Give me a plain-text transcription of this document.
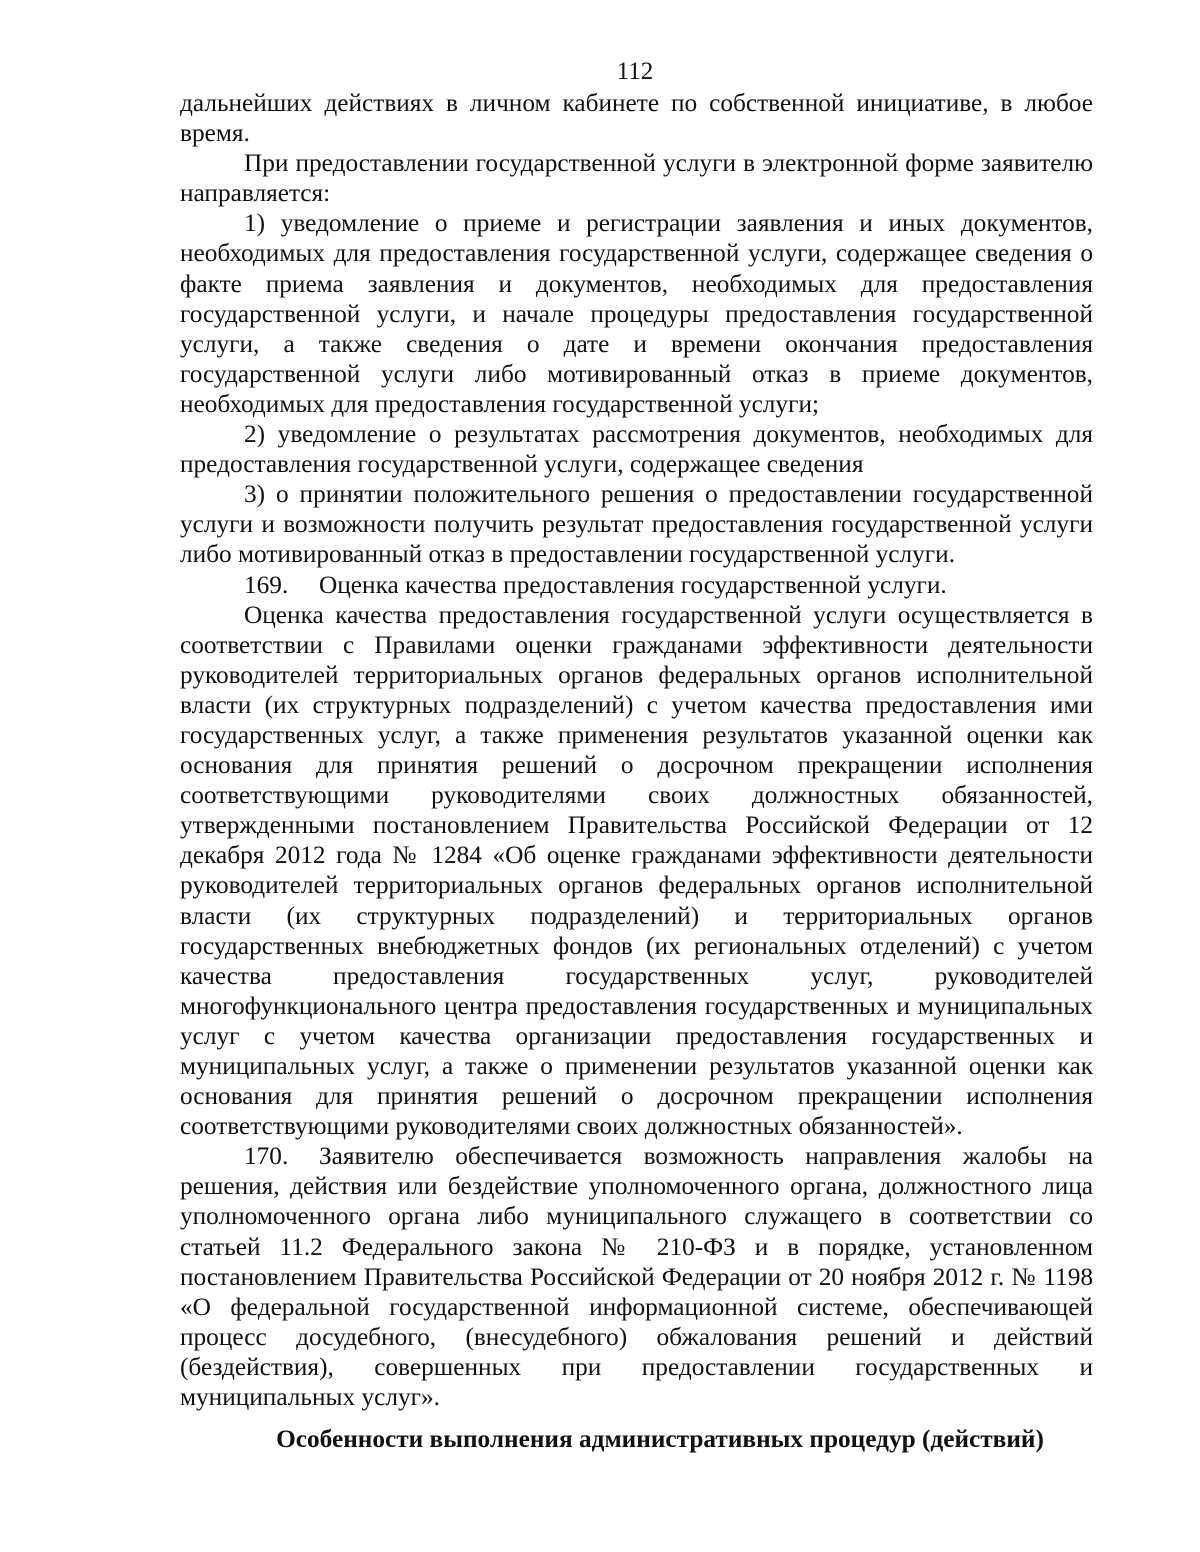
112

дальнейших действиях в личном кабинете по собственной инициативе, в любое время.

При предоставлении государственной услуги в электронной форме заявителю направляется:

1) уведомление о приеме и регистрации заявления и иных документов, необходимых для предоставления государственной услуги, содержащее сведения о факте приема заявления и документов, необходимых для предоставления государственной услуги, и начале процедуры предоставления государственной услуги, а также сведения о дате и времени окончания предоставления государственной услуги либо мотивированный отказ в приеме документов, необходимых для предоставления государственной услуги;

2) уведомление о результатах рассмотрения документов, необходимых для предоставления государственной услуги, содержащее сведения

3) о принятии положительного решения о предоставлении государственной услуги и возможности получить результат предоставления государственной услуги либо мотивированный отказ в предоставлении государственной услуги.

169. Оценка качества предоставления государственной услуги.

Оценка качества предоставления государственной услуги осуществляется в соответствии с Правилами оценки гражданами эффективности деятельности руководителей территориальных органов федеральных органов исполнительной власти (их структурных подразделений) с учетом качества предоставления ими государственных услуг, а также применения результатов указанной оценки как основания для принятия решений о досрочном прекращении исполнения соответствующими руководителями своих должностных обязанностей, утвержденными постановлением Правительства Российской Федерации от 12 декабря 2012 года № 1284 «Об оценке гражданами эффективности деятельности руководителей территориальных органов федеральных органов исполнительной власти (их структурных подразделений) и территориальных органов государственных внебюджетных фондов (их региональных отделений) с учетом качества предоставления государственных услуг, руководителей многофункционального центра предоставления государственных и муниципальных услуг с учетом качества организации предоставления государственных и муниципальных услуг, а также о применении результатов указанной оценки как основания для принятия решений о досрочном прекращении исполнения соответствующими руководителями своих должностных обязанностей».

170. Заявителю обеспечивается возможность направления жалобы на решения, действия или бездействие уполномоченного органа, должностного лица уполномоченного органа либо муниципального служащего в соответствии со статьей 11.2 Федерального закона № 210-ФЗ и в порядке, установленном постановлением Правительства Российской Федерации от 20 ноября 2012 г. № 1198 «О федеральной государственной информационной системе, обеспечивающей процесс досудебного, (внесудебного) обжалования решений и действий (бездействия), совершенных при предоставлении государственных и муниципальных услуг».

Особенности выполнения административных процедур (действий)
